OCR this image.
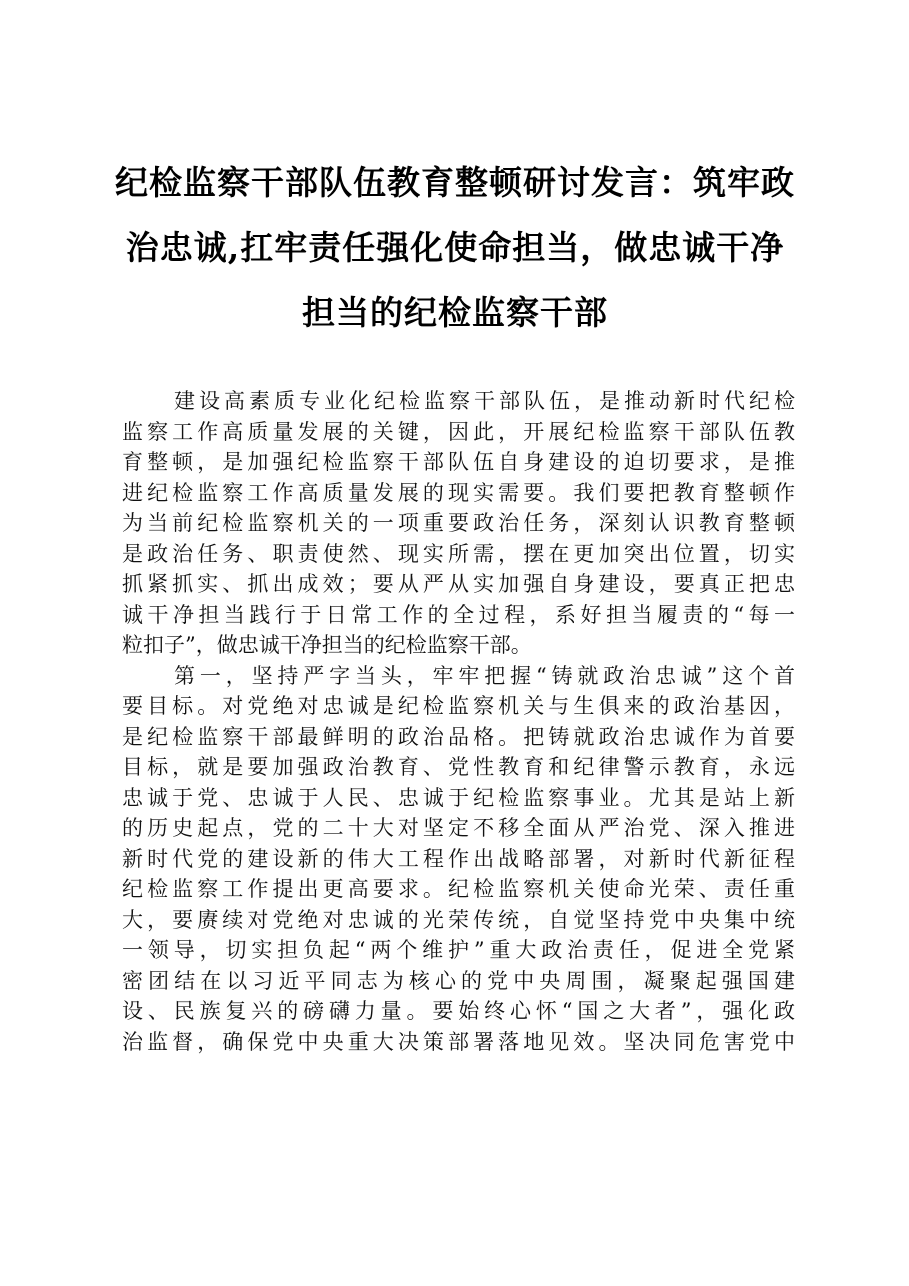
纪检监察干部队伍教育整顿研讨发言：筑牢政
治忠诚,扛牢责任强化使命担当，做忠诚干净
担当的纪检监察干部
建设高素质专业化纪检监察干部队伍，是推动新时代纪检
监察工作高质量发展的关键，因此，开展纪检监察干部队伍教
育整顿，是加强纪检监察干部队伍自身建设的迫切要求，是推
进纪检监察工作高质量发展的现实需要。我们要把教育整顿作
为当前纪检监察机关的一项重要政治任务，深刻认识教育整顿
是政治任务、职责使然、现实所需，摆在更加突出位置，切实
抓紧抓实、抓出成效；要从严从实加强自身建设，要真正把忠
诚干净担当践行于日常工作的全过程，系好担当履责的“每一
粒扣子”，做忠诚干净担当的纪检监察干部。
第一，坚持严字当头，牢牢把握“铸就政治忠诚”这个首
要目标。对党绝对忠诚是纪检监察机关与生俱来的政治基因，
是纪检监察干部最鲜明的政治品格。把铸就政治忠诚作为首要
目标，就是要加强政治教育、党性教育和纪律警示教育，永远
忠诚于党、忠诚于人民、忠诚于纪检监察事业。尤其是站上新
的历史起点，党的二十大对坚定不移全面从严治党、深入推进
新时代党的建设新的伟大工程作出战略部署，对新时代新征程
纪检监察工作提出更高要求。纪检监察机关使命光荣、责任重
大，要赓续对党绝对忠诚的光荣传统，自觉坚持党中央集中统
一领导，切实担负起“两个维护”重大政治责任，促进全党紧
密团结在以习近平同志为核心的党中央周围，凝聚起强国建
设、民族复兴的磅礴力量。要始终心怀“国之大者”，强化政
治监督，确保党中央重大决策部署落地见效。坚决同危害党中
